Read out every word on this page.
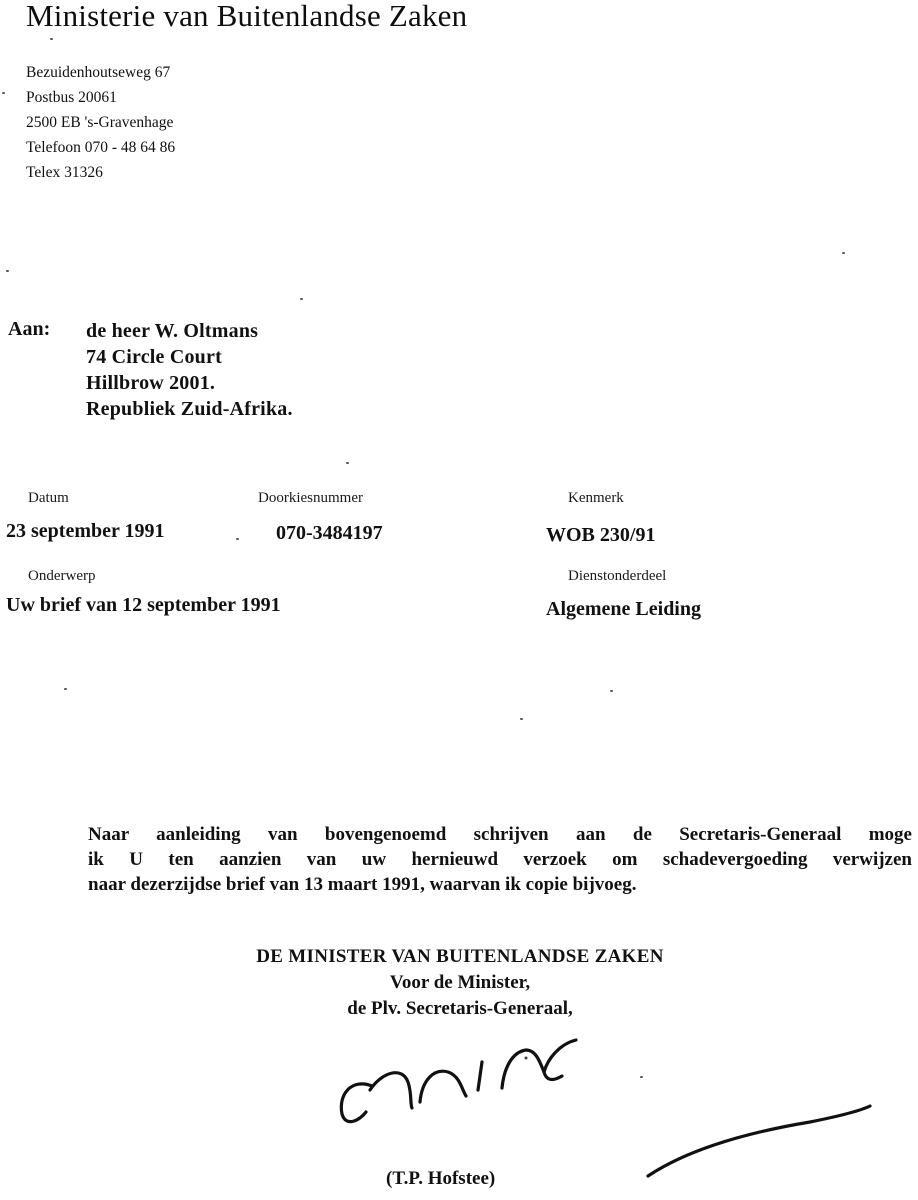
Ministerie van Buitenlandse Zaken
Bezuidenhoutseweg 67
Postbus 20061
2500 EB 's-Gravenhage
Telefoon 070 - 48 64 86
Telex 31326
Aan: de heer W. Oltmans
74 Circle Court
Hillbrow 2001.
Republiek Zuid-Afrika.
Datum
23 september 1991
Doorkiesnummer
070-3484197
Kenmerk
WOB 230/91
Onderwerp
Uw brief van 12 september 1991
Dienstonderdeel
Algemene Leiding
Naar aanleiding van bovengenoemd schrijven aan de Secretaris-Generaal moge
ik U ten aanzien van uw hernieuwd verzoek om schadevergoeding verwijzen
naar dezerzijdse brief van 13 maart 1991, waarvan ik copie bijvoeg.
DE MINISTER VAN BUITENLANDSE ZAKEN
Voor de Minister,
de Plv. Secretaris-Generaal,
(T.P. Hofstee)
